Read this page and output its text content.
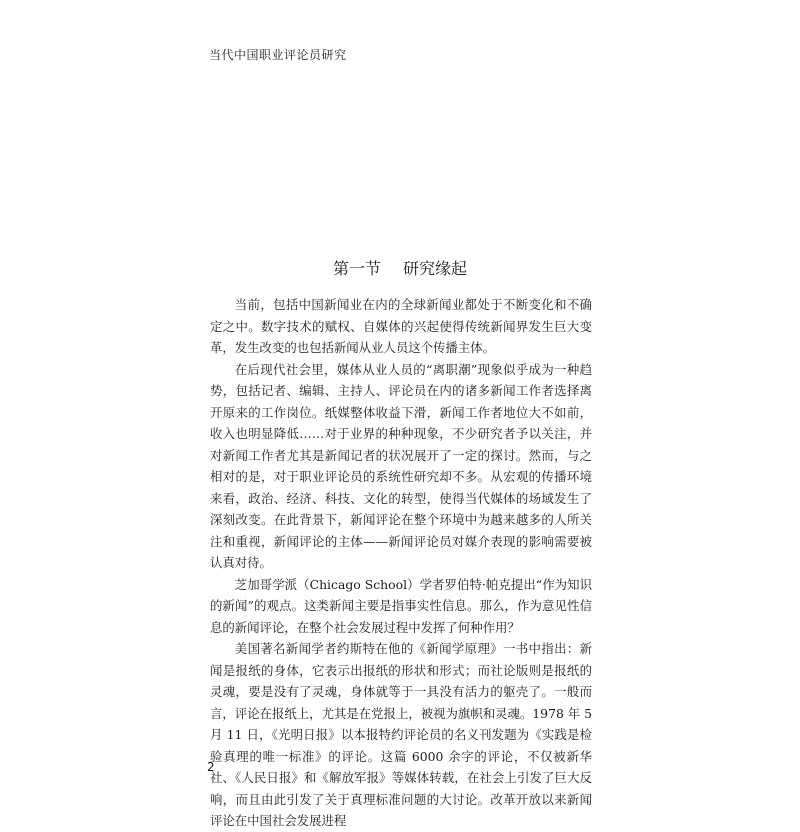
当代中国职业评论员研究
第一节 研究缘起

当前，包括中国新闻业在内的全球新闻业都处于不断变化和不确定之中。数字技术的赋权、自媒体的兴起使得传统新闻界发生巨大变革，发生改变的也包括新闻从业人员这个传播主体。

在后现代社会里，媒体从业人员的“离职潮”现象似乎成为一种趋势，包括记者、编辑、主持人、评论员在内的诸多新闻工作者选择离开原来的工作岗位。纸媒整体收益下滑，新闻工作者地位大不如前，收入也明显降低……对于业界的种种现象，不少研究者予以关注，并对新闻工作者尤其是新闻记者的状况展开了一定的探讨。然而，与之相对的是，对于职业评论员的系统性研究却不多。从宏观的传播环境来看，政治、经济、科技、文化的转型，使得当代媒体的场域发生了深刻改变。在此背景下，新闻评论在整个环境中为越来越多的人所关注和重视，新闻评论的主体——新闻评论员对媒介表现的影响需要被认真对待。

芝加哥学派（Chicago School）学者罗伯特·帕克提出“作为知识的新闻”的观点。这类新闻主要是指事实性信息。那么，作为意见性信息的新闻评论，在整个社会发展过程中发挥了何种作用？

美国著名新闻学者约斯特在他的《新闻学原理》一书中指出：新闻是报纸的身体，它表示出报纸的形状和形式；而社论版则是报纸的灵魂，要是没有了灵魂，身体就等于一具没有活力的躯壳了。一般而言，评论在报纸上，尤其是在党报上，被视为旗帜和灵魂。1978 年 5 月 11 日，《光明日报》以本报特约评论员的名义刊发题为《实践是检验真理的唯一标准》的评论。这篇 6000 余字的评论，不仅被新华社、《人民日报》和《解放军报》等媒体转载，在社会上引发了巨大反响，而且由此引发了关于真理标准问题的大讨论。改革开放以来新闻评论在中国社会发展进程

2
